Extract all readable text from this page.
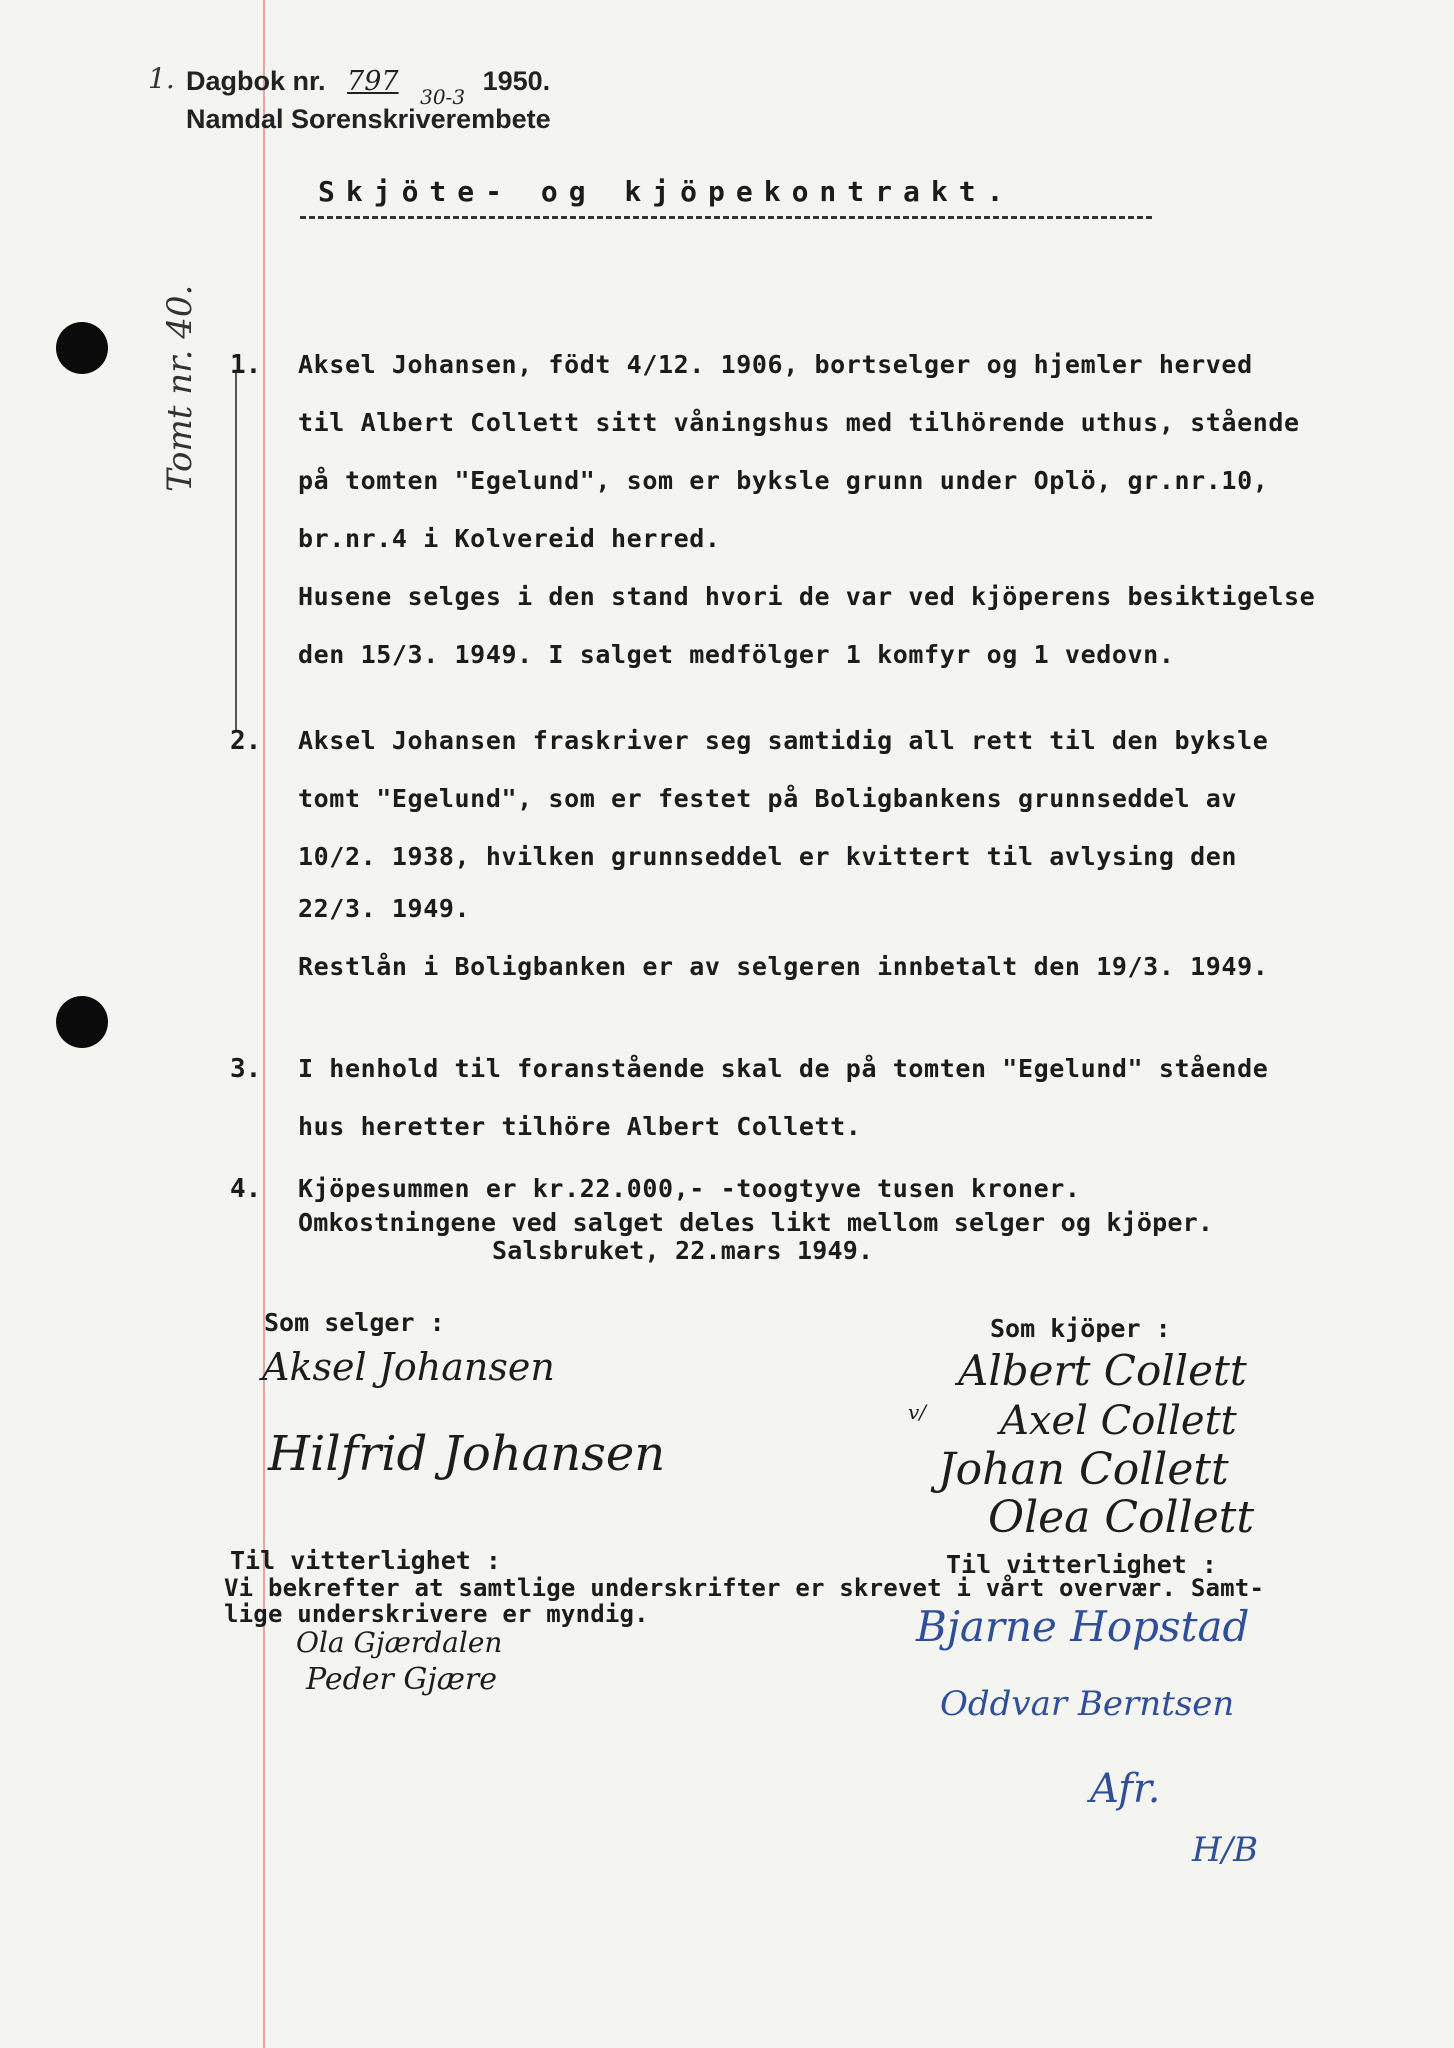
1. Dagbok nr. 797 $_{30-3}$ 1950.
Namdal Sorenskriverembete
Skjöte- og kjöpekontrakt.
Tomt nr. 40. 1. Aksel Johansen, födt 4/12. 1906, bortselger og hjemler herved
til Albert Collett sitt våningshus med tilhörende uthus, stående
på tomten "Egelund", som er byksle grunn under Oplö, gr.nr.10,
br.nr.4 i Kolvereid herred.
Husene selges i den stand hvori de var ved kjöperens besiktigelse
den 15/3. 1949. I salget medfölger 1 komfyr og 1 vedovn.
2. Aksel Johansen fraskriver seg samtidig all rett til den byksle
tomt "Egelund", som er festet på Boligbankens grunnseddel av
10/2. 1938, hvilken grunnseddel er kvittert til avlysing den
22/3. 1949.
Restlån i Boligbanken er av selgeren innbetalt den 19/3. 1949.
3. I henhold til foranstående skal de på tomten "Egelund" stående
hus heretter tilhöre Albert Collett.
4. Kjöpesummen er kr.22.000,- -toogtyve tusen kroner.
Omkostningene ved salget deles likt mellom selger og kjöper.
Salsbruket, 22.mars 1949.
Som selger :
Aksel Johansen
Hilfrid Johansen
Som kjöper :
Albert Collett
v/ Axel Collett
Johan Collett
Olea Collett
Til vitterlighet :	Til vitterlighet :
Vi bekrefter at samtlige underskrifter er skrevet i vårt overvær. Samt-
lige underskrivere er myndig.
Ola Gjærdalen
Peder Gjære
Bjarne Hopstad
Oddvar Berntsen
Afr.
H/B
